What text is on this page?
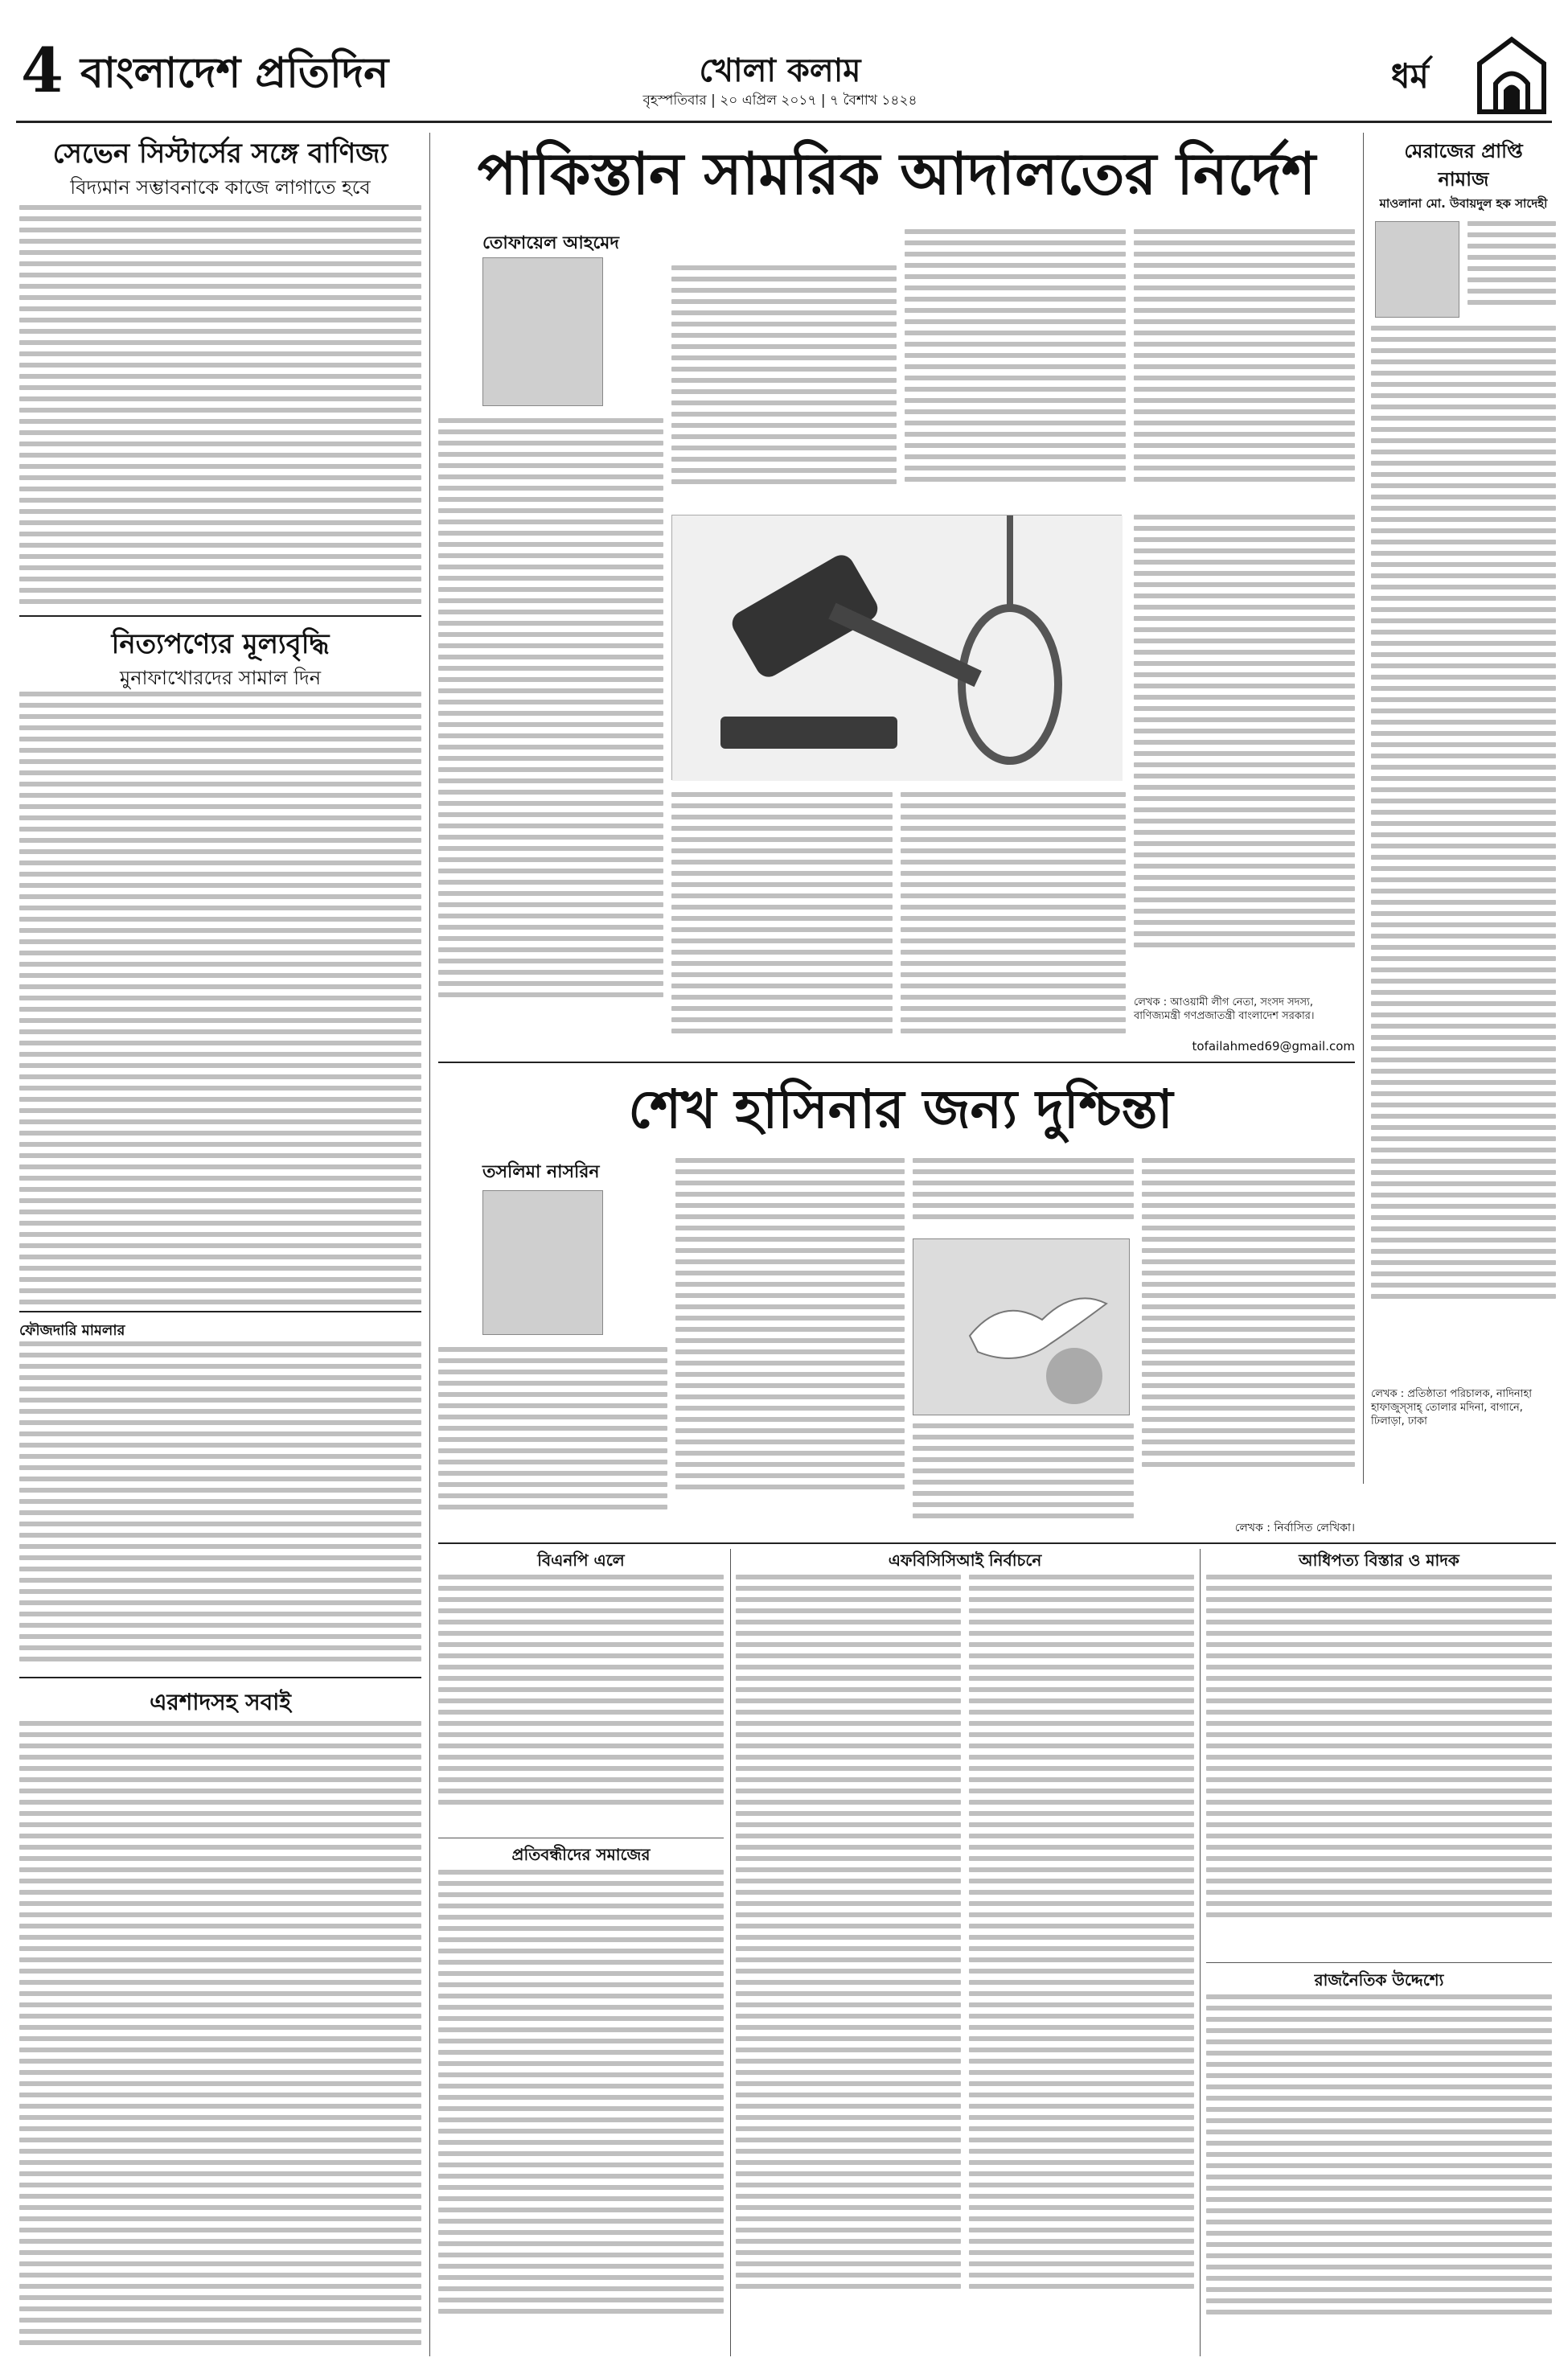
4 বাংলাদেশ প্রতিদিন	খোলা কলাম
বৃহস্পতিবার | ২০ এপ্রিল ২০১৭ | ৭ বৈশাখ ১৪২৪
ধর্ম
সেভেন সিস্টার্সের সঙ্গে বাণিজ্য
বিদ্যমান সম্ভাবনাকে কাজে লাগাতে হবে
নিত্যপণ্যের মূল্যবৃদ্ধি
মুনাফাখোরদের সামাল দিন
ফৌজদারি মামলার
এরশাদসহ সবাই
পাকিস্তান সামরিক আদালতের নির্দেশ
তোফায়েল আহমেদ
লেখক : আওয়ামী লীগ নেতা, সংসদ সদস্য, বাণিজ্যমন্ত্রী গণপ্রজাতন্ত্রী বাংলাদেশ সরকার।
tofailahmed69@gmail.com
মেরাজের প্রাপ্তি
নামাজ
মাওলানা মো. উবায়দুল হক সাদেহী
লেখক : প্রতিষ্ঠাতা পরিচালক, নাদিনাহা হাফাজুস্সাহ্ তোলার মদিনা, বাগানে, ঢিলাড়া, ঢাকা
শেখ হাসিনার জন্য দুশ্চিন্তা
তসলিমা নাসরিন
লেখক : নির্বাসিত লেখিকা।
বিএনপি এলে
প্রতিবন্ধীদের সমাজের
এফবিসিসিআই নির্বাচনে	আধিপত্য বিস্তার ও মাদক
রাজনৈতিক উদ্দেশ্যে
